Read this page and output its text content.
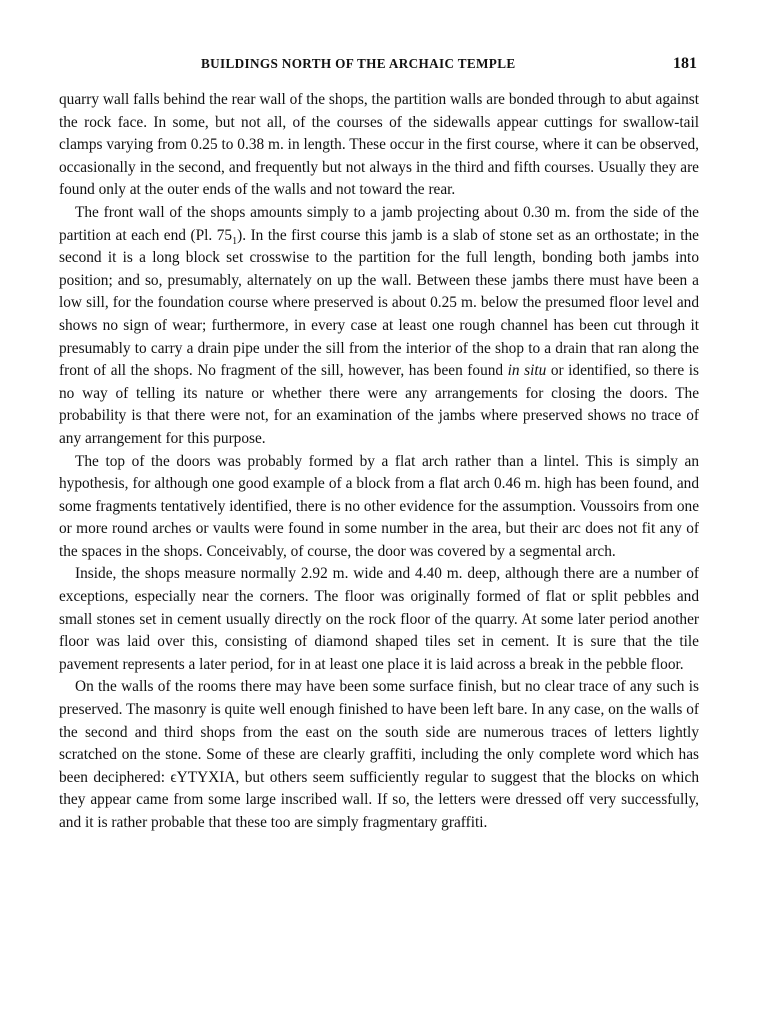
BUILDINGS NORTH OF THE ARCHAIC TEMPLE	181

quarry wall falls behind the rear wall of the shops, the partition walls are bonded through to abut against the rock face. In some, but not all, of the courses of the sidewalls appear cuttings for swallow-tail clamps varying from 0.25 to 0.38 m. in length. These occur in the first course, where it can be observed, occasionally in the second, and frequently but not always in the third and fifth courses. Usually they are found only at the outer ends of the walls and not toward the rear.

The front wall of the shops amounts simply to a jamb projecting about 0.30 m. from the side of the partition at each end (Pl. $75_1$). In the first course this jamb is a slab of stone set as an orthostate; in the second it is a long block set crosswise to the partition for the full length, bonding both jambs into position; and so, presumably, alternately on up the wall. Between these jambs there must have been a low sill, for the foundation course where preserved is about 0.25 m. below the presumed floor level and shows no sign of wear; furthermore, in every case at least one rough channel has been cut through it presumably to carry a drain pipe under the sill from the interior of the shop to a drain that ran along the front of all the shops. No fragment of the sill, however, has been found in situ or identified, so there is no way of telling its nature or whether there were any arrangements for closing the doors. The probability is that there were not, for an examination of the jambs where preserved shows no trace of any arrangement for this purpose.

The top of the doors was probably formed by a flat arch rather than a lintel. This is simply an hypothesis, for although one good example of a block from a flat arch 0.46 m. high has been found, and some fragments tentatively identified, there is no other evidence for the assumption. Voussoirs from one or more round arches or vaults were found in some number in the area, but their arc does not fit any of the spaces in the shops. Conceivably, of course, the door was covered by a segmental arch.

Inside, the shops measure normally 2.92 m. wide and 4.40 m. deep, although there are a number of exceptions, especially near the corners. The floor was originally formed of flat or split pebbles and small stones set in cement usually directly on the rock floor of the quarry. At some later period another floor was laid over this, consisting of diamond shaped tiles set in cement. It is sure that the tile pavement represents a later period, for in at least one place it is laid across a break in the pebble floor.

On the walls of the rooms there may have been some surface finish, but no clear trace of any such is preserved. The masonry is quite well enough finished to have been left bare. In any case, on the walls of the second and third shops from the east on the south side are numerous traces of letters lightly scratched on the stone. Some of these are clearly graffiti, including the only complete word which has been deciphered: ϵΥΤΥΧΙΑ, but others seem sufficiently regular to suggest that the blocks on which they appear came from some large inscribed wall. If so, the letters were dressed off very successfully, and it is rather probable that these too are simply fragmentary graffiti.
